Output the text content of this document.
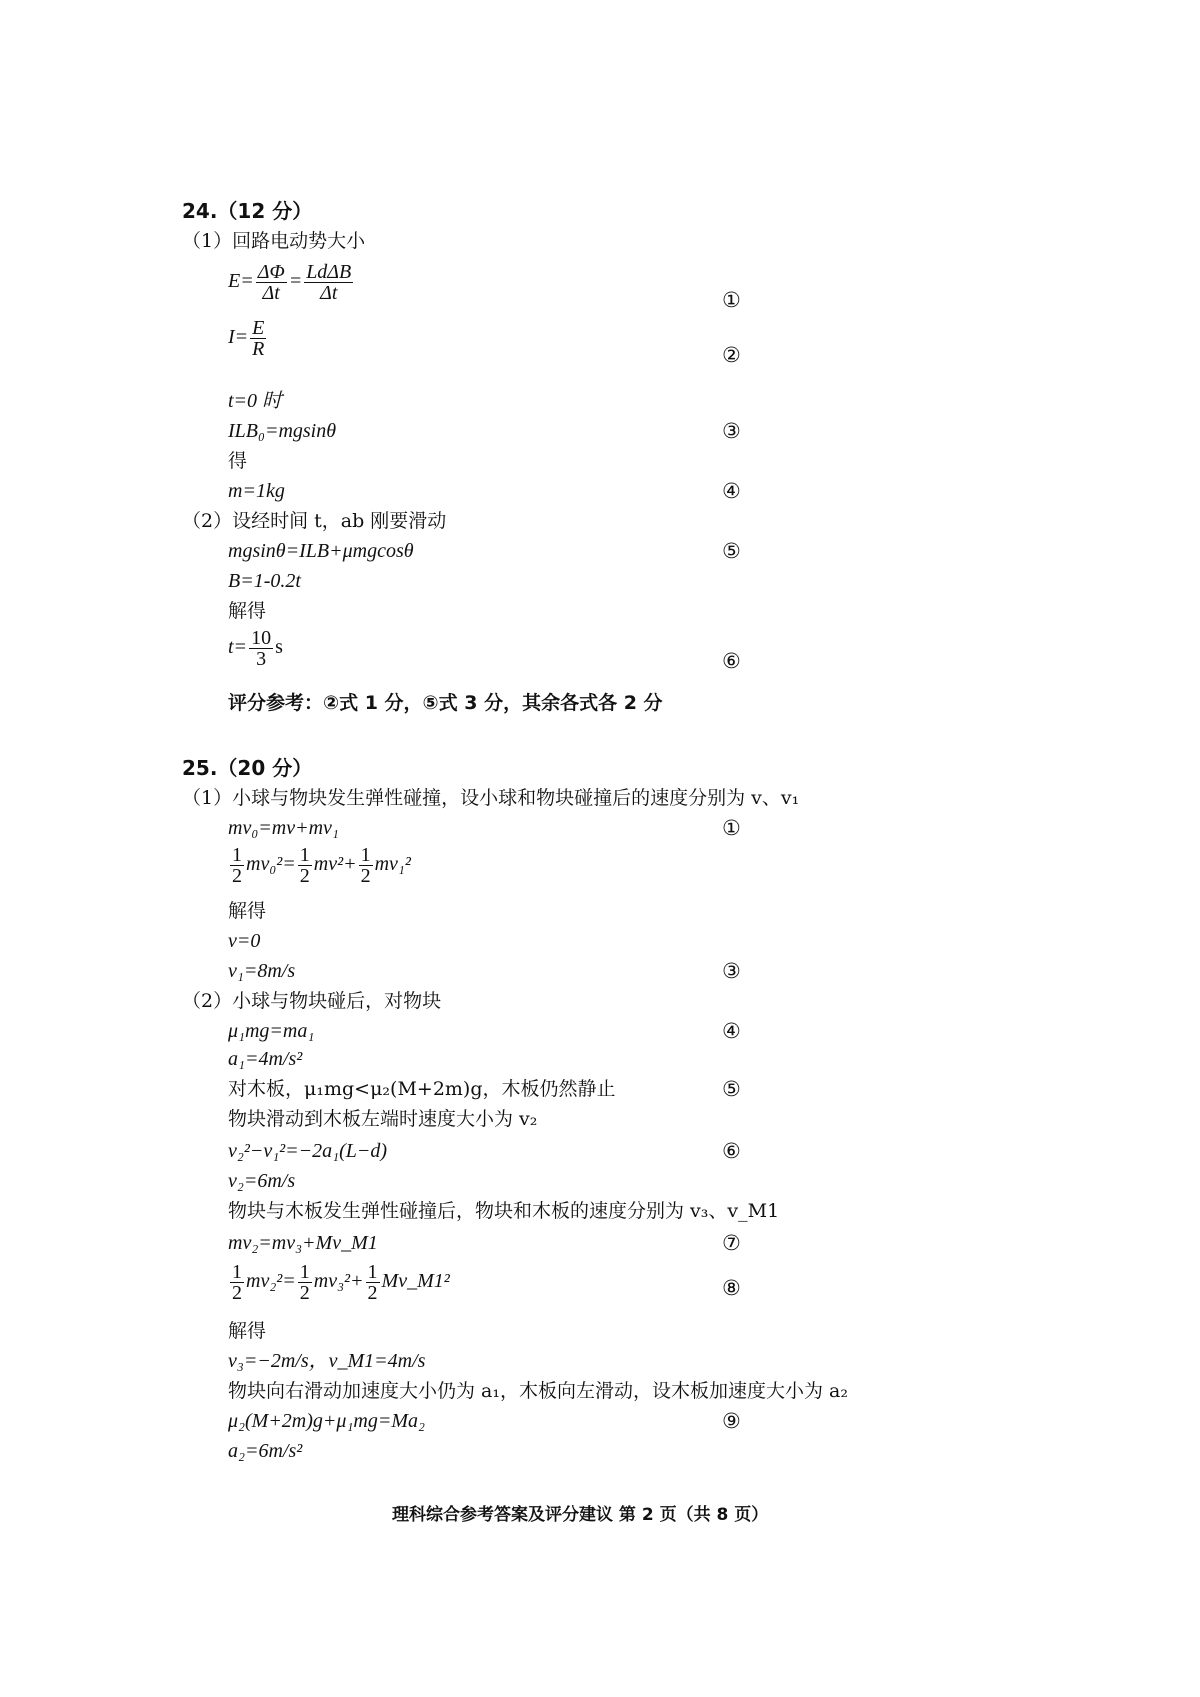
24.（12 分）
（1）回路电动势大小
$E= \frac{\Delta\Phi}{\Delta t} = \frac{\text{LdΔB}}{\Delta t}$	①
$I= \frac{E}{R}$	②
t=0 时
ILB₀=mgsinθ	③
得
m=1kg	④
（2）设经时间 t，ab 刚要滑动
mgsinθ=ILB+μmgcosθ	⑤
B=1-0.2t
解得
$t= \frac{10}{3}$ s
⑥
评分参考：②式 1 分，⑤式 3 分，其余各式各 2 分
25.（20 分）
（1）小球与物块发生弹性碰撞，设小球和物块碰撞后的速度分别为 v、v₁
mv₀=mv+mv₁	①
$\frac{1}{2} mv_0^2= \frac{1}{2} mv^2+ \frac{1}{2} mv_1^2$
解得
v=0
v₁=8m/s	③
（2）小球与物块碰后，对物块
μ₁mg=ma₁	④
a₁=4m/s²
对木板，μ₁mg<μ₂(M+2m)g，木板仍然静止	⑤
物块滑动到木板左端时速度大小为 v₂
v₂²−v₁²=−2a₁(L−d)	⑥
v₂=6m/s
物块与木板发生弹性碰撞后，物块和木板的速度分别为 v₃、v_M1
mv₂=mv₃+Mv_M1	⑦
$\frac{1}{2} mv_2^2= \frac{1}{2} mv_3^2+ \frac{1}{2}$ Mv_M1²	⑧
解得
v₃=−2m/s，v_M1=4m/s
物块向右滑动加速度大小仍为 a₁，木板向左滑动，设木板加速度大小为 a₂
μ₂(M+2m)g+μ₁mg=Ma₂	⑨
a₂=6m/s²
理科综合参考答案及评分建议 第 2 页（共 8 页）
